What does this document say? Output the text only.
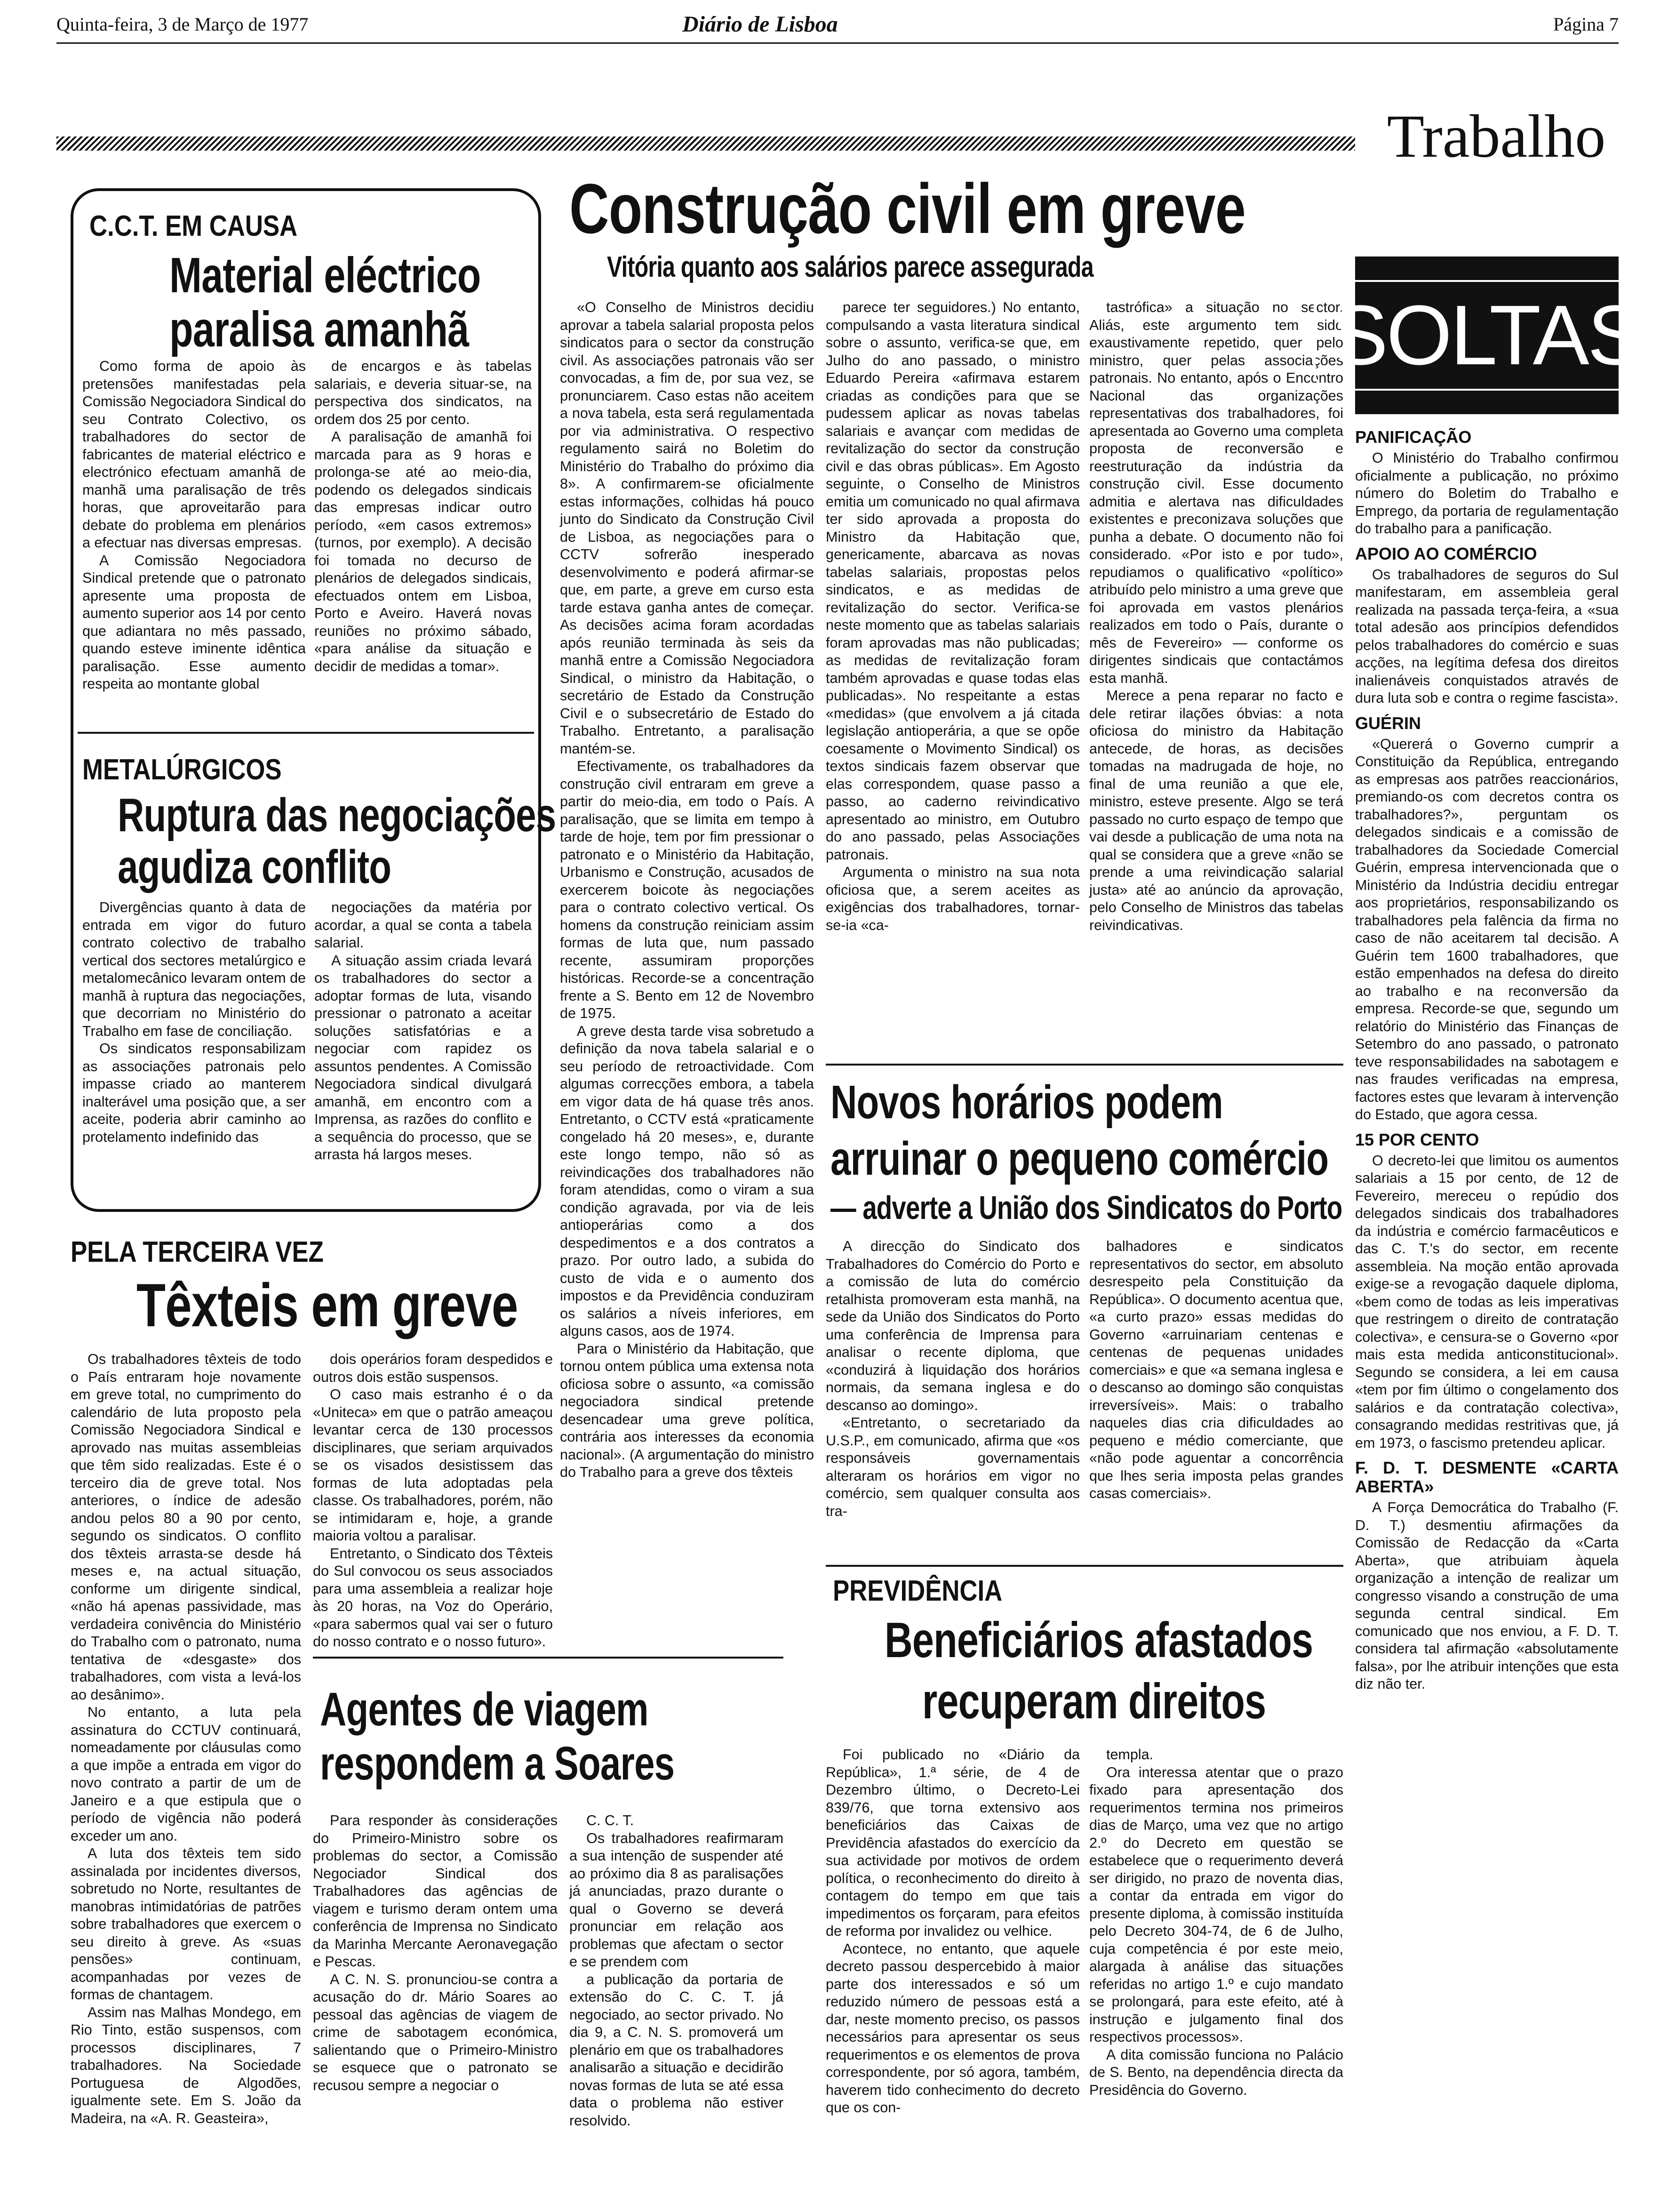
Quinta-feira, 3 de Março de 1977	Diário de Lisboa	Página 7
Trabalho
C.C.T. EM CAUSA
Material eléctrico
paralisa amanhã

Como forma de apoio às pretensões manifestadas pela Comissão Negociadora Sindical do seu Contrato Colectivo, os trabalhadores do sector de fabricantes de material eléctrico e electrónico efectuam amanhã de manhã uma paralisação de três horas, que aproveitarão para debate do problema em plenários a efectuar nas diversas empresas.

A Comissão Negociadora Sindical pretende que o patronato apresente uma proposta de aumento superior aos 14 por cento que adiantara no mês passado, quando esteve iminente idêntica paralisação. Esse aumento respeita ao montante global

de encargos e às tabelas salariais, e deveria situar-se, na perspectiva dos sindicatos, na ordem dos 25 por cento.

A paralisação de amanhã foi marcada para as 9 horas e prolonga-se até ao meio-dia, podendo os delegados sindicais das empresas indicar outro período, «em casos extremos» (turnos, por exemplo). A decisão foi tomada no decurso de plenários de delegados sindicais, efectuados ontem em Lisboa, Porto e Aveiro. Haverá novas reuniões no próximo sábado, «para análise da situação e decidir de medidas a tomar».

METALÚRGICOS
Ruptura das negociações
agudiza conflito

Divergências quanto à data de entrada em vigor do futuro contrato colectivo de trabalho vertical dos sectores metalúrgico e metalomecânico levaram ontem de manhã à ruptura das negociações, que decorriam no Ministério do Trabalho em fase de conciliação.

Os sindicatos responsabilizam as associações patronais pelo impasse criado ao manterem inalterável uma posição que, a ser aceite, poderia abrir caminho ao protelamento indefinido das

negociações da matéria por acordar, a qual se conta a tabela salarial.

A situação assim criada levará os trabalhadores do sector a adoptar formas de luta, visando pressionar o patronato a aceitar soluções satisfatórias e a negociar com rapidez os assuntos pendentes. A Comissão Negociadora sindical divulgará amanhã, em encontro com a Imprensa, as razões do conflito e a sequência do processo, que se arrasta há largos meses.

PELA TERCEIRA VEZ
Têxteis em greve

Os trabalhadores têxteis de todo o País entraram hoje novamente em greve total, no cumprimento do calendário de luta proposto pela Comissão Negociadora Sindical e aprovado nas muitas assembleias que têm sido realizadas. Este é o terceiro dia de greve total. Nos anteriores, o índice de adesão andou pelos 80 a 90 por cento, segundo os sindicatos. O conflito dos têxteis arrasta-se desde há meses e, na actual situação, conforme um dirigente sindical, «não há apenas passividade, mas verdadeira conivência do Ministério do Trabalho com o patronato, numa tentativa de «desgaste» dos trabalhadores, com vista a levá-los ao desânimo».

No entanto, a luta pela assinatura do CCTUV continuará, nomeadamente por cláusulas como a que impõe a entrada em vigor do novo contrato a partir de um de Janeiro e a que estipula que o período de vigência não poderá exceder um ano.

A luta dos têxteis tem sido assinalada por incidentes diversos, sobretudo no Norte, resultantes de manobras intimidatórias de patrões sobre trabalhadores que exercem o seu direito à greve. As «suas pensões» continuam, acompanhadas por vezes de formas de chantagem.

Assim nas Malhas Mondego, em Rio Tinto, estão suspensos, com processos disciplinares, 7 trabalhadores. Na Sociedade Portuguesa de Algodões, igualmente sete. Em S. João da Madeira, na «A. R. Geasteira»,

dois operários foram despedidos e outros dois estão suspensos.

O caso mais estranho é o da «Uniteca» em que o patrão ameaçou levantar cerca de 130 processos disciplinares, que seriam arquivados se os visados desistissem das formas de luta adoptadas pela classe. Os trabalhadores, porém, não se intimidaram e, hoje, a grande maioria voltou a paralisar.

Entretanto, o Sindicato dos Têxteis do Sul convocou os seus associados para uma assembleia a realizar hoje às 20 horas, na Voz do Operário, «para sabermos qual vai ser o futuro do nosso contrato e o nosso futuro».

Agentes de viagem
respondem a Soares

Para responder às considerações do Primeiro-Ministro sobre os problemas do sector, a Comissão Negociador Sindical dos Trabalhadores das agências de viagem e turismo deram ontem uma conferência de Imprensa no Sindicato da Marinha Mercante Aeronavegação e Pescas.

A C. N. S. pronunciou-se contra a acusação do dr. Mário Soares ao pessoal das agências de viagem de crime de sabotagem económica, salientando que o Primeiro-Ministro se esquece que o patronato se recusou sempre a negociar o

C. C. T.

Os trabalhadores reafirmaram a sua intenção de suspender até ao próximo dia 8 as paralisações já anunciadas, prazo durante o qual o Governo se deverá pronunciar em relação aos problemas que afectam o sector e se prendem com

a publicação da portaria de extensão do C. C. T. já negociado, ao sector privado. No dia 9, a C. N. S. promoverá um plenário em que os trabalhadores analisarão a situação e decidirão novas formas de luta se até essa data o problema não estiver resolvido.

Construção civil em greve
Vitória quanto aos salários parece assegurada

«O Conselho de Ministros decidiu aprovar a tabela salarial proposta pelos sindicatos para o sector da construção civil. As associações patronais vão ser convocadas, a fim de, por sua vez, se pronunciarem. Caso estas não aceitem a nova tabela, esta será regulamentada por via administrativa. O respectivo regulamento sairá no Boletim do Ministério do Trabalho do próximo dia 8». A confirmarem-se oficialmente estas informações, colhidas há pouco junto do Sindicato da Construção Civil de Lisboa, as negociações para o CCTV sofrerão inesperado desenvolvimento e poderá afirmar-se que, em parte, a greve em curso esta tarde estava ganha antes de começar. As decisões acima foram acordadas após reunião terminada às seis da manhã entre a Comissão Negociadora Sindical, o ministro da Habitação, o secretário de Estado da Construção Civil e o subsecretário de Estado do Trabalho. Entretanto, a paralisação mantém-se.

Efectivamente, os trabalhadores da construção civil entraram em greve a partir do meio-dia, em todo o País. A paralisação, que se limita em tempo à tarde de hoje, tem por fim pressionar o patronato e o Ministério da Habitação, Urbanismo e Construção, acusados de exercerem boicote às negociações para o contrato colectivo vertical. Os homens da construção reiniciam assim formas de luta que, num passado recente, assumiram proporções históricas. Recorde-se a concentração frente a S. Bento em 12 de Novembro de 1975.

A greve desta tarde visa sobretudo a definição da nova tabela salarial e o seu período de retroactividade. Com algumas correcções embora, a tabela em vigor data de há quase três anos. Entretanto, o CCTV está «praticamente congelado há 20 meses», e, durante este longo tempo, não só as reivindicações dos trabalhadores não foram atendidas, como o viram a sua condição agravada, por via de leis antioperárias como a dos despedimentos e a dos contratos a prazo. Por outro lado, a subida do custo de vida e o aumento dos impostos e da Previdência conduziram os salários a níveis inferiores, em alguns casos, aos de 1974.

Para o Ministério da Habitação, que tornou ontem pública uma extensa nota oficiosa sobre o assunto, «a comissão negociadora sindical pretende desencadear uma greve política, contrária aos interesses da economia nacional». (A argumentação do ministro do Trabalho para a greve dos têxteis

parece ter seguidores.) No entanto, compulsando a vasta literatura sindical sobre o assunto, verifica-se que, em Julho do ano passado, o ministro Eduardo Pereira «afirmava estarem criadas as condições para que se pudessem aplicar as novas tabelas salariais e avançar com medidas de revitalização do sector da construção civil e das obras públicas». Em Agosto seguinte, o Conselho de Ministros emitia um comunicado no qual afirmava ter sido aprovada a proposta do Ministro da Habitação que, genericamente, abarcava as novas tabelas salariais, propostas pelos sindicatos, e as medidas de revitalização do sector. Verifica-se neste momento que as tabelas salariais foram aprovadas mas não publicadas; as medidas de revitalização foram também aprovadas e quase todas elas publicadas». No respeitante a estas «medidas» (que envolvem a já citada legislação antioperária, a que se opõe coesamente o Movimento Sindical) os textos sindicais fazem observar que elas correspondem, quase passo a passo, ao caderno reivindicativo apresentado ao ministro, em Outubro do ano passado, pelas Associações patronais.

Argumenta o ministro na sua nota oficiosa que, a serem aceites as exigências dos trabalhadores, tornar-se-ia «ca-

tastrófica» a situação no sector. Aliás, este argumento tem sido exaustivamente repetido, quer pelo ministro, quer pelas associações patronais. No entanto, após o Encontro Nacional das organizações representativas dos trabalhadores, foi apresentada ao Governo uma completa proposta de reconversão e reestruturação da indústria da construção civil. Esse documento admitia e alertava nas dificuldades existentes e preconizava soluções que punha a debate. O documento não foi considerado. «Por isto e por tudo», repudiamos o qualificativo «político» atribuído pelo ministro a uma greve que foi aprovada em vastos plenários realizados em todo o País, durante o mês de Fevereiro» — conforme os dirigentes sindicais que contactámos esta manhã.

Merece a pena reparar no facto e dele retirar ilações óbvias: a nota oficiosa do ministro da Habitação antecede, de horas, as decisões tomadas na madrugada de hoje, no final de uma reunião a que ele, ministro, esteve presente. Algo se terá passado no curto espaço de tempo que vai desde a publicação de uma nota na qual se considera que a greve «não se prende a uma reivindicação salarial justa» até ao anúncio da aprovação, pelo Conselho de Ministros das tabelas reivindicativas.

Novos horários podem
arruinar o pequeno comércio
— adverte a União dos Sindicatos do Porto

A direcção do Sindicato dos Trabalhadores do Comércio do Porto e a comissão de luta do comércio retalhista promoveram esta manhã, na sede da União dos Sindicatos do Porto uma conferência de Imprensa para analisar o recente diploma, que «conduzirá à liquidação dos horários normais, da semana inglesa e do descanso ao domingo».

«Entretanto, o secretariado da U.S.P., em comunicado, afirma que «os responsáveis governamentais alteraram os horários em vigor no comércio, sem qualquer consulta aos tra-

balhadores e sindicatos representativos do sector, em absoluto desrespeito pela Constituição da República». O documento acentua que, «a curto prazo» essas medidas do Governo «arruinariam centenas e centenas de pequenas unidades comerciais» e que «a semana inglesa e o descanso ao domingo são conquistas irreversíveis». Mais: o trabalho naqueles dias cria dificuldades ao pequeno e médio comerciante, que «não pode aguentar a concorrência que lhes seria imposta pelas grandes casas comerciais».

PREVIDÊNCIA
Beneficiários afastados
recuperam direitos

Foi publicado no «Diário da República», 1.ª série, de 4 de Dezembro último, o Decreto-Lei 839/76, que torna extensivo aos beneficiários das Caixas de Previdência afastados do exercício da sua actividade por motivos de ordem política, o reconhecimento do direito à contagem do tempo em que tais impedimentos os forçaram, para efeitos de reforma por invalidez ou velhice.

Acontece, no entanto, que aquele decreto passou despercebido à maior parte dos interessados e só um reduzido número de pessoas está a dar, neste momento preciso, os passos necessários para apresentar os seus requerimentos e os elementos de prova correspondente, por só agora, também, haverem tido conhecimento do decreto que os con-

templa.

Ora interessa atentar que o prazo fixado para apresentação dos requerimentos termina nos primeiros dias de Março, uma vez que no artigo 2.º do Decreto em questão se estabelece que o requerimento deverá ser dirigido, no prazo de noventa dias, a contar da entrada em vigor do presente diploma, à comissão instituída pelo Decreto 304-74, de 6 de Julho, cuja competência é por este meio, alargada à análise das situações referidas no artigo 1.º e cujo mandato se prolongará, para este efeito, até à instrução e julgamento final dos respectivos processos».

A dita comissão funciona no Palácio de S. Bento, na dependência directa da Presidência do Governo.

SOLTAS
PANIFICAÇÃO

O Ministério do Trabalho confirmou oficialmente a publicação, no próximo número do Boletim do Trabalho e Emprego, da portaria de regulamentação do trabalho para a panificação.

APOIO AO COMÉRCIO

Os trabalhadores de seguros do Sul manifestaram, em assembleia geral realizada na passada terça-feira, a «sua total adesão aos princípios defendidos pelos trabalhadores do comércio e suas acções, na legítima defesa dos direitos inalienáveis conquistados através de dura luta sob e contra o regime fascista».

GUÉRIN

«Quererá o Governo cumprir a Constituição da República, entregando as empresas aos patrões reaccionários, premiando-os com decretos contra os trabalhadores?», perguntam os delegados sindicais e a comissão de trabalhadores da Sociedade Comercial Guérin, empresa intervencionada que o Ministério da Indústria decidiu entregar aos proprietários, responsabilizando os trabalhadores pela falência da firma no caso de não aceitarem tal decisão. A Guérin tem 1600 trabalhadores, que estão empenhados na defesa do direito ao trabalho e na reconversão da empresa. Recorde-se que, segundo um relatório do Ministério das Finanças de Setembro do ano passado, o patronato teve responsabilidades na sabotagem e nas fraudes verificadas na empresa, factores estes que levaram à intervenção do Estado, que agora cessa.

15 POR CENTO

O decreto-lei que limitou os aumentos salariais a 15 por cento, de 12 de Fevereiro, mereceu o repúdio dos delegados sindicais dos trabalhadores da indústria e comércio farmacêuticos e das C. T.'s do sector, em recente assembleia. Na moção então aprovada exige-se a revogação daquele diploma, «bem como de todas as leis imperativas que restringem o direito de contratação colectiva», e censura-se o Governo «por mais esta medida anticonstitucional». Segundo se considera, a lei em causa «tem por fim último o congelamento dos salários e da contratação colectiva», consagrando medidas restritivas que, já em 1973, o fascismo pretendeu aplicar.

F. D. T. DESMENTE «CARTA ABERTA»

A Força Democrática do Trabalho (F. D. T.) desmentiu afirmações da Comissão de Redacção da «Carta Aberta», que atribuiam àquela organização a intenção de realizar um congresso visando a construção de uma segunda central sindical. Em comunicado que nos enviou, a F. D. T. considera tal afirmação «absolutamente falsa», por lhe atribuir intenções que esta diz não ter.
